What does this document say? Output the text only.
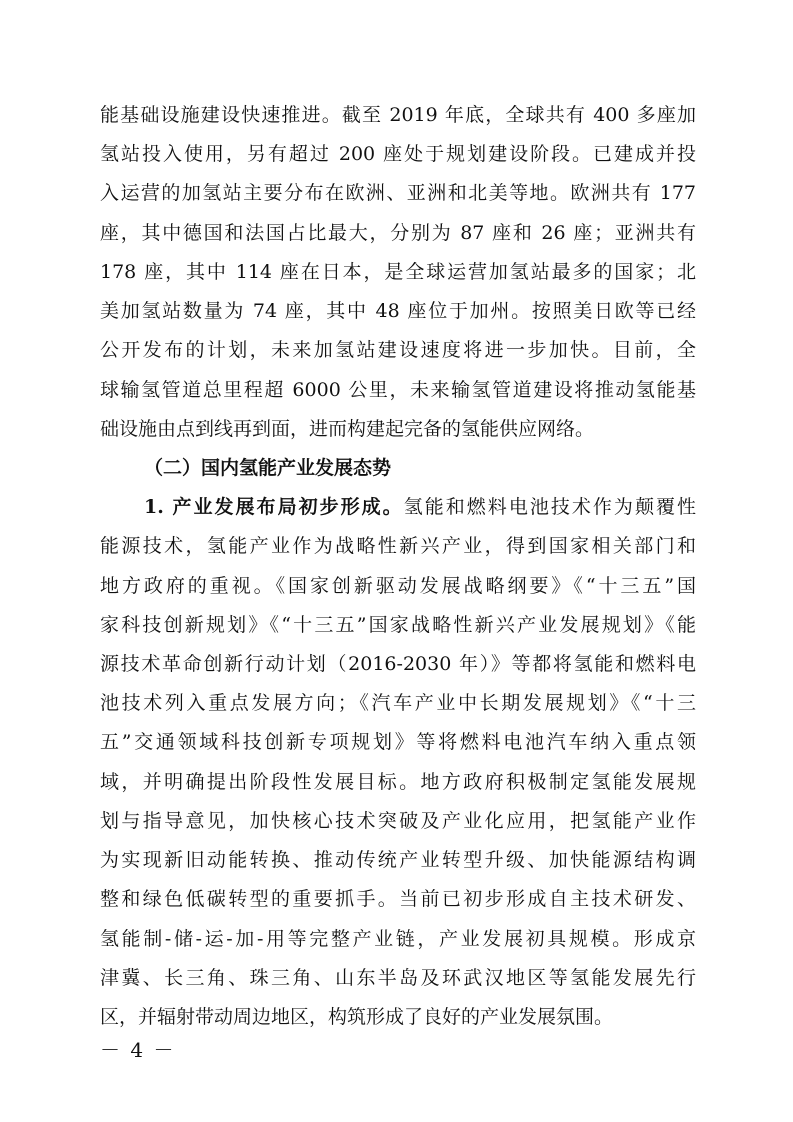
能基础设施建设快速推进。截至 2019 年底，全球共有 400 多座加
氢站投入使用，另有超过 200 座处于规划建设阶段。已建成并投
入运营的加氢站主要分布在欧洲、亚洲和北美等地。欧洲共有 177
座，其中德国和法国占比最大，分别为 87 座和 26 座；亚洲共有
178 座，其中 114 座在日本，是全球运营加氢站最多的国家；北
美加氢站数量为 74 座，其中 48 座位于加州。按照美日欧等已经
公开发布的计划，未来加氢站建设速度将进一步加快。目前，全
球输氢管道总里程超 6000 公里，未来输氢管道建设将推动氢能基
础设施由点到线再到面，进而构建起完备的氢能供应网络。
（二）国内氢能产业发展态势
1. 产业发展布局初步形成。氢能和燃料电池技术作为颠覆性
能源技术，氢能产业作为战略性新兴产业，得到国家相关部门和
地方政府的重视。《国家创新驱动发展战略纲要》《“十三五”国
家科技创新规划》《“十三五”国家战略性新兴产业发展规划》《能
源技术革命创新行动计划（2016-2030 年）》等都将氢能和燃料电
池技术列入重点发展方向；《汽车产业中长期发展规划》《“十三
五”交通领域科技创新专项规划》等将燃料电池汽车纳入重点领
域，并明确提出阶段性发展目标。地方政府积极制定氢能发展规
划与指导意见，加快核心技术突破及产业化应用，把氢能产业作
为实现新旧动能转换、推动传统产业转型升级、加快能源结构调
整和绿色低碳转型的重要抓手。当前已初步形成自主技术研发、
氢能制-储-运-加-用等完整产业链，产业发展初具规模。形成京
津冀、长三角、珠三角、山东半岛及环武汉地区等氢能发展先行
区，并辐射带动周边地区，构筑形成了良好的产业发展氛围。
－ 4 －
